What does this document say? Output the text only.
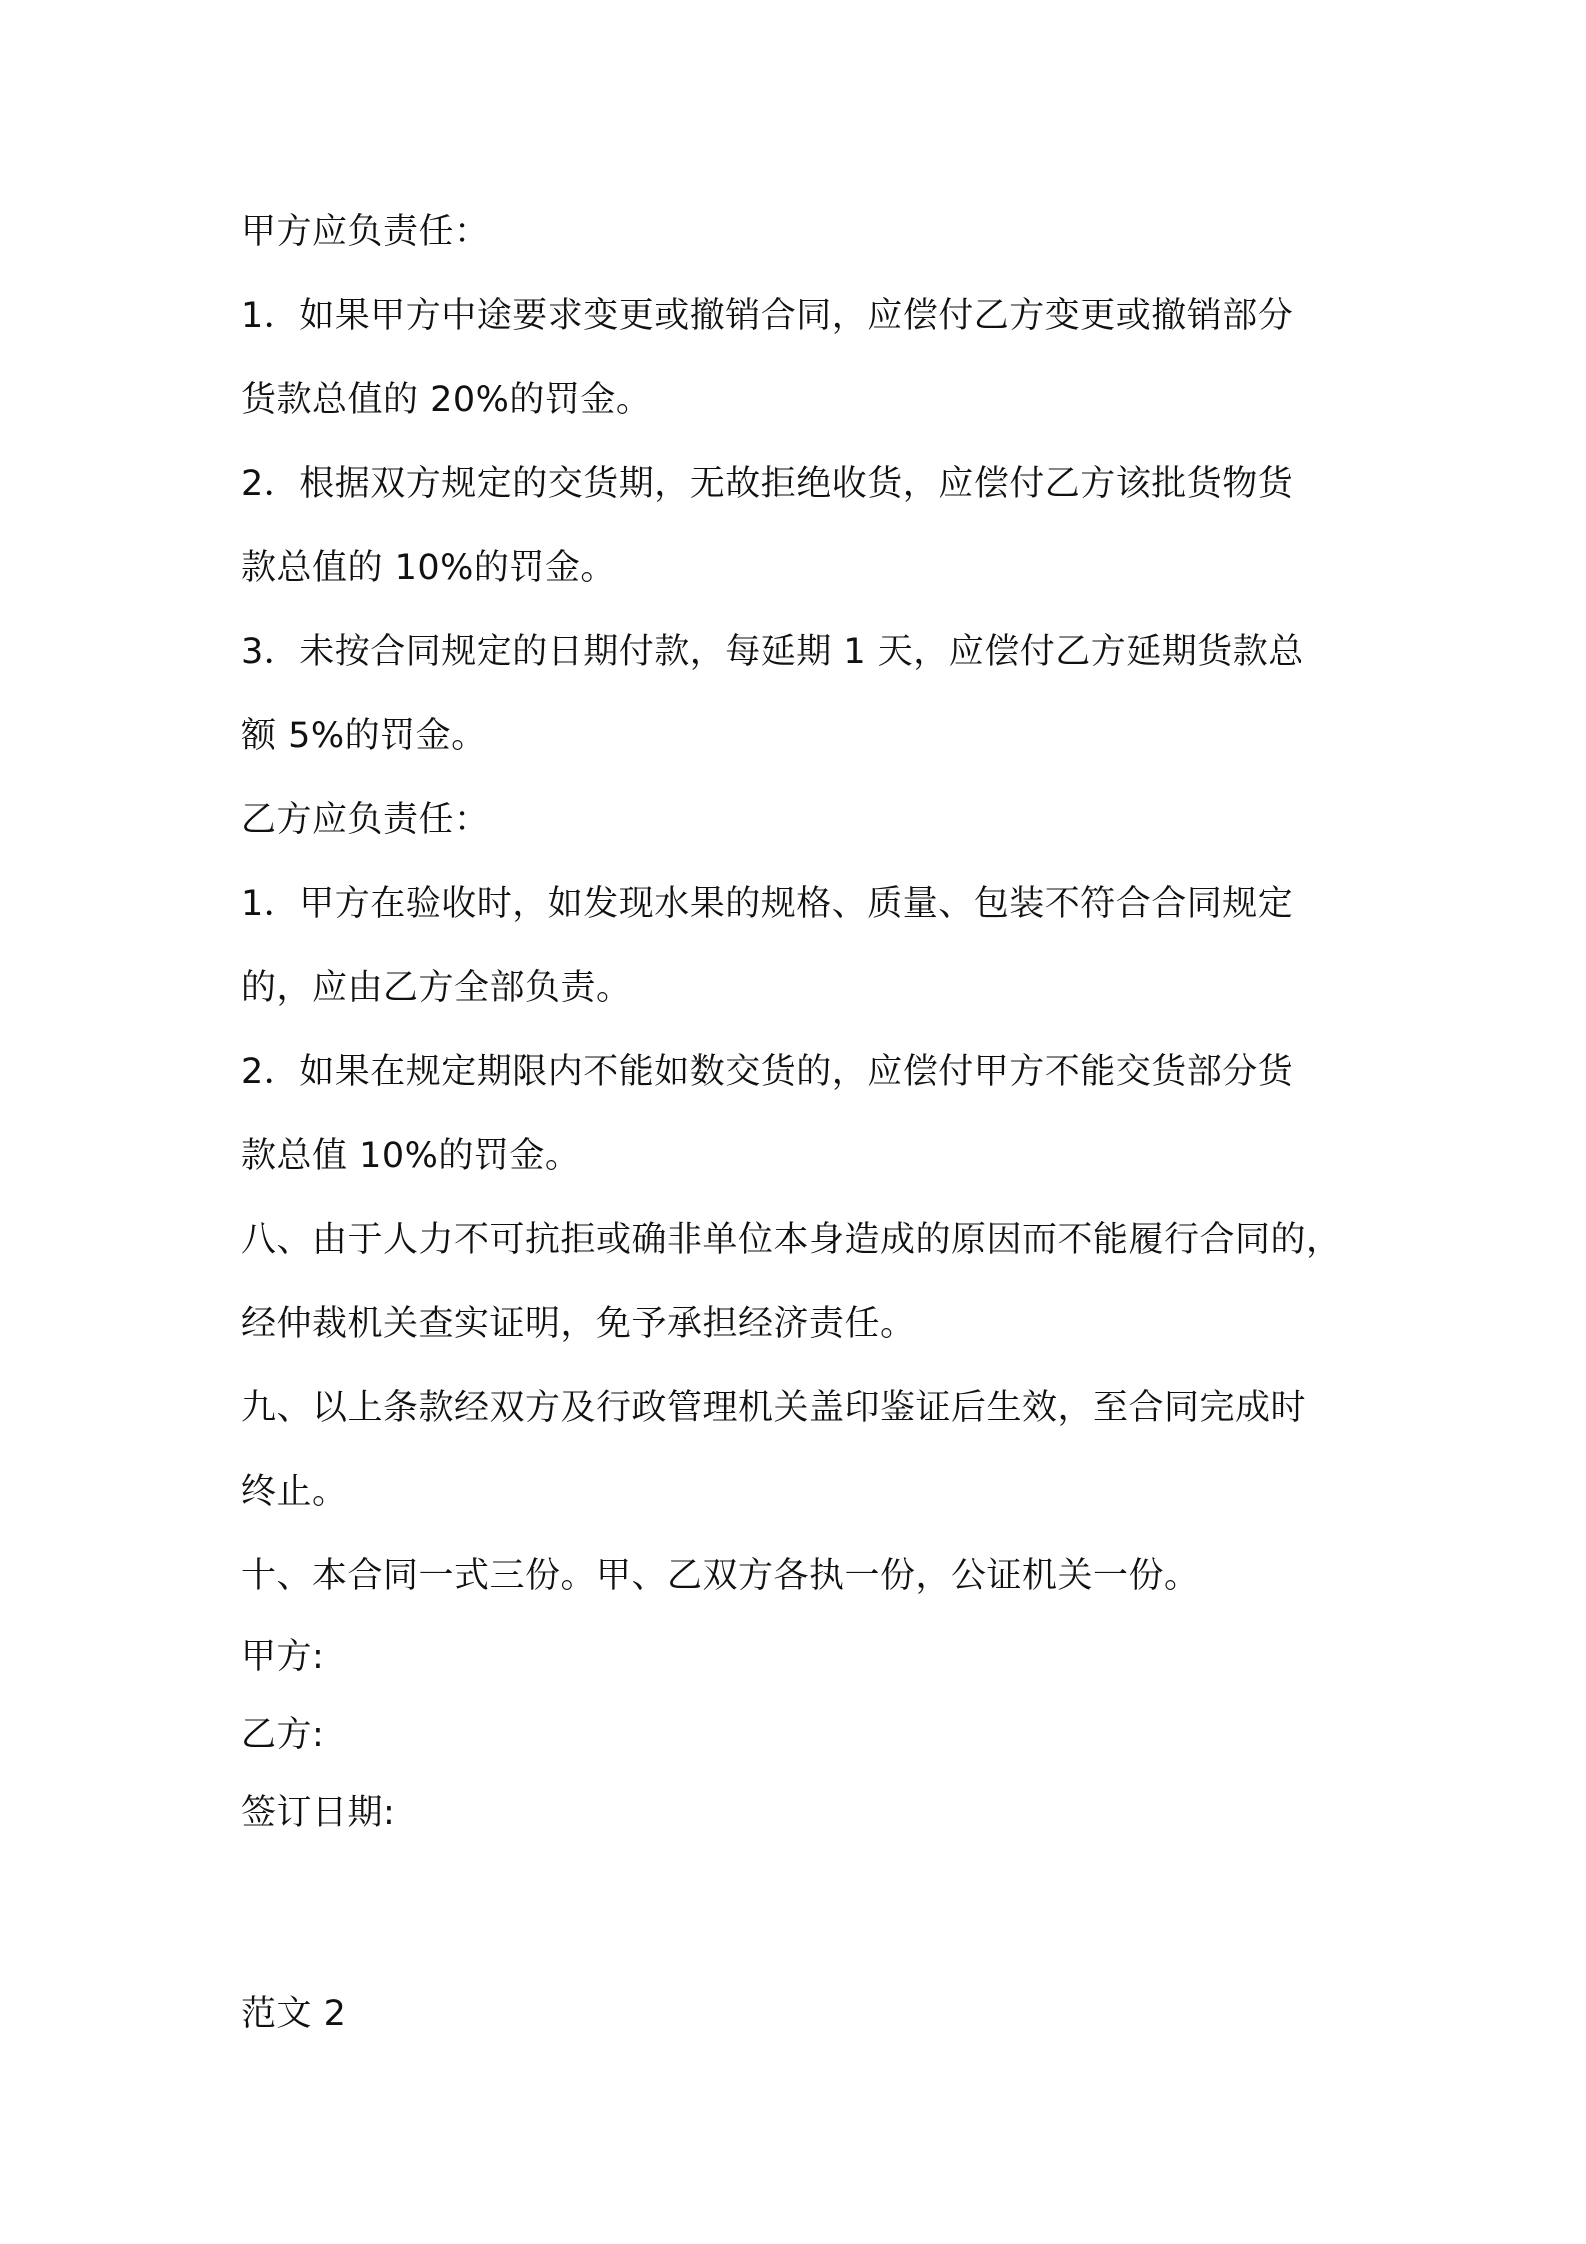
甲方应负责任：
1．如果甲方中途要求变更或撤销合同，应偿付乙方变更或撤销部分
货款总值的 20%的罚金。
2．根据双方规定的交货期，无故拒绝收货，应偿付乙方该批货物货
款总值的 10%的罚金。
3．未按合同规定的日期付款，每延期 1 天，应偿付乙方延期货款总
额 5%的罚金。
乙方应负责任：
1．甲方在验收时，如发现水果的规格、质量、包装不符合合同规定
的，应由乙方全部负责。
2．如果在规定期限内不能如数交货的，应偿付甲方不能交货部分货
款总值 10%的罚金。
八、由于人力不可抗拒或确非单位本身造成的原因而不能履行合同的，
经仲裁机关查实证明，免予承担经济责任。
九、以上条款经双方及行政管理机关盖印鉴证后生效，至合同完成时
终止。
十、本合同一式三份。甲、乙双方各执一份，公证机关一份。
甲方:
乙方:
签订日期:
范文 2
